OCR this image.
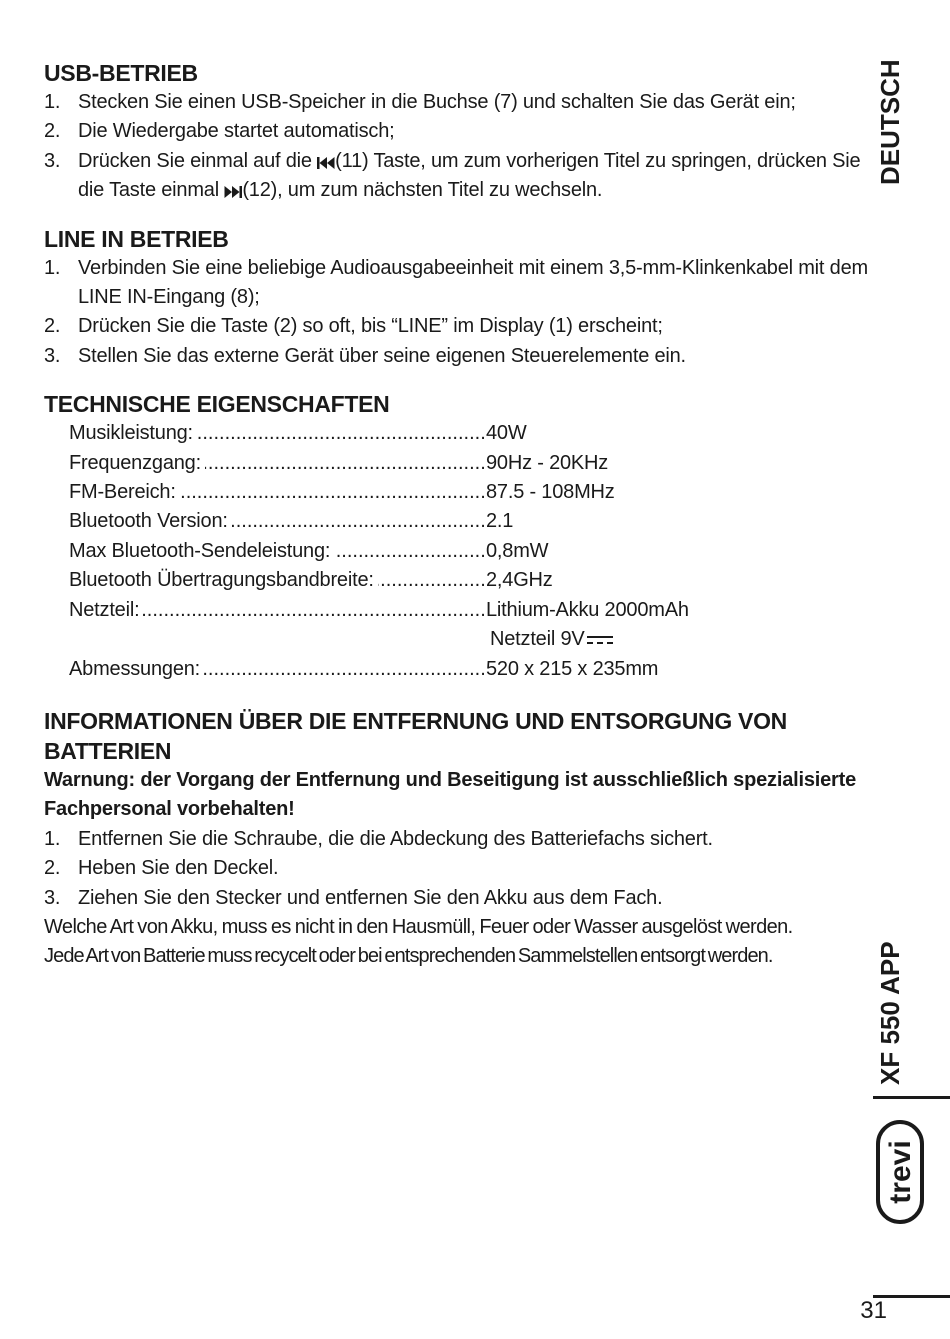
USB-BETRIEB
1. Stecken Sie einen USB-Speicher in die Buchse (7) und schalten Sie das Gerät ein;
2. Die Wiedergabe startet automatisch;
3. Drücken Sie einmal auf die (11) Taste, um zum vorherigen Titel zu springen, drücken Sie die Taste einmal (12), um zum nächsten Titel zu wechseln.
LINE IN BETRIEB
1. Verbinden Sie eine beliebige Audioausgabeeinheit mit einem 3,5-mm-Klinkenkabel mit dem LINE IN-Eingang (8);
2. Drücken Sie die Taste (2) so oft, bis “LINE” im Display (1) erscheint;
3. Stellen Sie das externe Gerät über seine eigenen Steuerelemente ein.
TECHNISCHE EIGENSCHAFTEN
Musikleistung: .....	40W
Frequenzgang: .....	90Hz - 20KHz
FM-Bereich: .....	87.5 - 108MHz
Bluetooth Version: .....	2.1
Max Bluetooth-Sendeleistung: .....	0,8mW
Bluetooth Übertragungsbandbreite: .....	2,4GHz
Netzteil: .....	Lithium-Akku 2000mAh
Netzteil 9V
Abmessungen: .....	520 x 215 x 235mm
INFORMATIONEN ÜBER DIE ENTFERNUNG UND ENTSORGUNG VON
BATTERIEN
Warnung: der Vorgang der Entfernung und Beseitigung ist ausschließlich spezialisierte Fachpersonal vorbehalten!
1. Entfernen Sie die Schraube, die die Abdeckung des Batteriefachs sichert.
2. Heben Sie den Deckel.
3. Ziehen Sie den Stecker und entfernen Sie den Akku aus dem Fach.
Welche Art von Akku, muss es nicht in den Hausmüll, Feuer oder Wasser ausgelöst werden.
Jede Art von Batterie muss recycelt oder bei entsprechenden Sammelstellen entsorgt werden.
DEUTSCH
XF 550 APP
trevi
31
